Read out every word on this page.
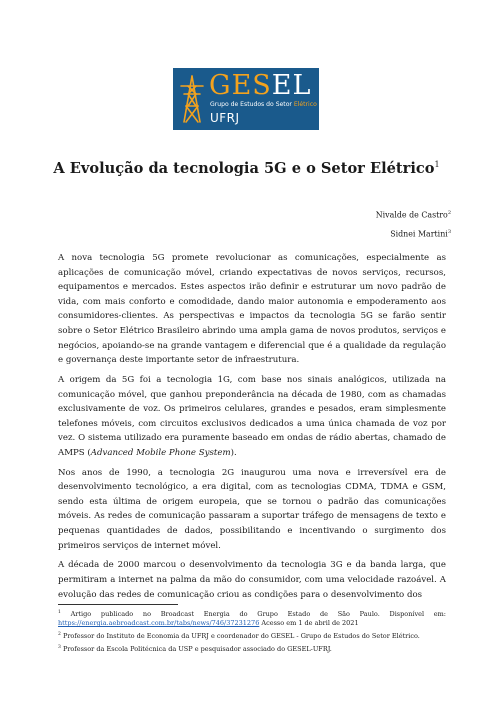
GESEL
Grupo de Estudos do Setor Elétrico
UFRJ
A Evolução da tecnologia 5G e o Setor Elétrico$^1$
Nivalde de Castro$^2$
Sidnei Martini$^3$

A nova tecnologia 5G promete revolucionar as comunicações, especialmente as aplicações de comunicação móvel, criando expectativas de novos serviços, recursos, equipamentos e mercados. Estes aspectos irão definir e estruturar um novo padrão de vida, com mais conforto e comodidade, dando maior autonomia e empoderamento aos consumidores-clientes. As perspectivas e impactos da tecnologia 5G se farão sentir sobre o Setor Elétrico Brasileiro abrindo uma ampla gama de novos produtos, serviços e negócios, apoiando-se na grande vantagem e diferencial que é a qualidade da regulação e governança deste importante setor de infraestrutura.

A origem da 5G foi a tecnologia 1G, com base nos sinais analógicos, utilizada na comunicação móvel, que ganhou preponderância na década de 1980, com as chamadas exclusivamente de voz. Os primeiros celulares, grandes e pesados, eram simplesmente telefones móveis, com circuitos exclusivos dedicados a uma única chamada de voz por vez. O sistema utilizado era puramente baseado em ondas de rádio abertas, chamado de AMPS (Advanced Mobile Phone System).

Nos anos de 1990, a tecnologia 2G inaugurou uma nova e irreversível era de desenvolvimento tecnológico, a era digital, com as tecnologias CDMA, TDMA e GSM, sendo esta última de origem europeia, que se tornou o padrão das comunicações móveis. As redes de comunicação passaram a suportar tráfego de mensagens de texto e pequenas quantidades de dados, possibilitando e incentivando o surgimento dos primeiros serviços de internet móvel.

A década de 2000 marcou o desenvolvimento da tecnologia 3G e da banda larga, que permitiram a internet na palma da mão do consumidor, com uma velocidade razoável. A evolução das redes de comunicação criou as condições para o desenvolvimento dos

$^1$ Artigo publicado no Broadcast Energia do Grupo Estado de São Paulo. Disponível em: https://energia.aebroadcast.com.br/tabs/news/746/37231276 Acesso em 1 de abril de 2021
$^2$ Professor do Instituto de Economia da UFRJ e coordenador do GESEL - Grupo de Estudos do Setor Elétrico.
$^3$ Professor da Escola Politécnica da USP e pesquisador associado do GESEL-UFRJ.
